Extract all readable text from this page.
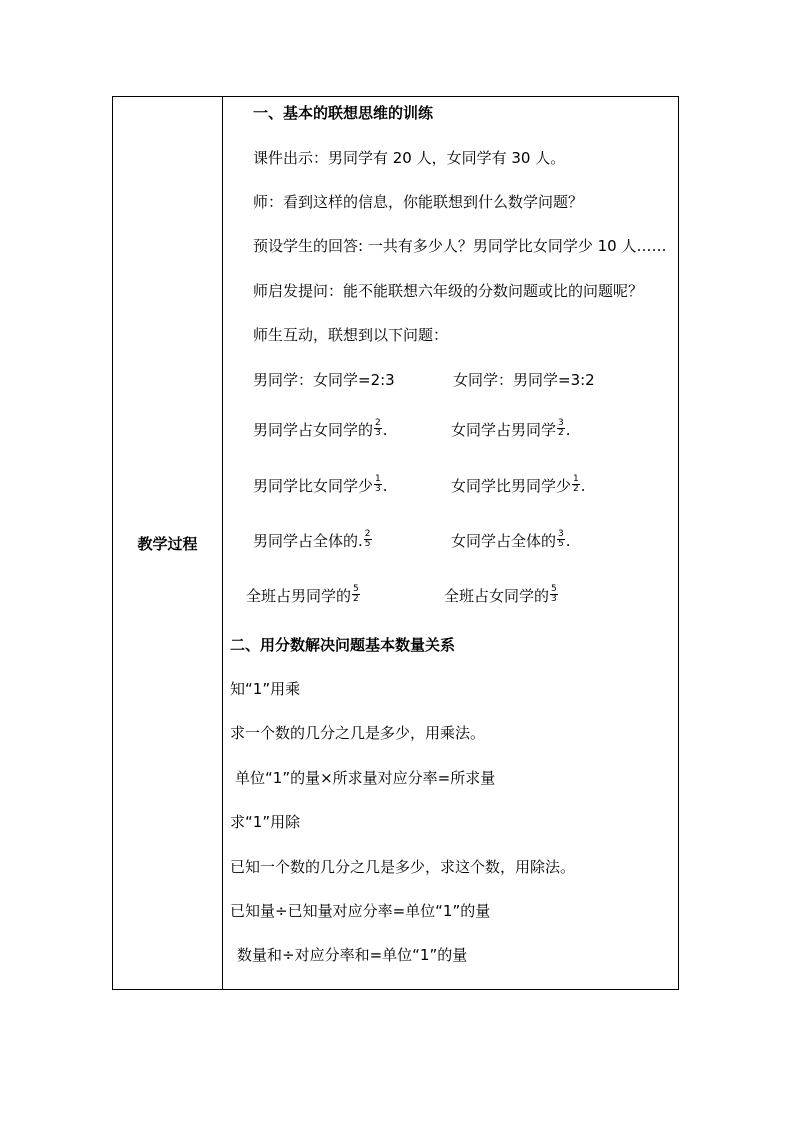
教学过程
一、基本的联想思维的训练
课件出示：男同学有 20 人，女同学有 30 人。
师：看到这样的信息，你能联想到什么数学问题？
预设学生的回答: 一共有多少人？男同学比女同学少 10 人……
师启发提问：能不能联想六年级的分数问题或比的问题呢？
师生互动，联想到以下问题：
男同学：女同学=2:3	女同学：男同学=3:2
男同学占女同学的 $\frac{2}{3}$ .	女同学占男同学 $\frac{3}{2}$ .
男同学比女同学少 $\frac{1}{3}$ .	女同学比男同学少 $\frac{1}{2}$ .
男同学占全体的. $\frac{2}{5}$	女同学占全体的 $\frac{3}{5}$ .
全班占男同学的 $\frac{5}{2}$	全班占女同学的 $\frac{5}{3}$
二、用分数解决问题基本数量关系
知“1”用乘
求一个数的几分之几是多少，用乘法。
单位“1”的量×所求量对应分率=所求量
求“1”用除
已知一个数的几分之几是多少，求这个数，用除法。
已知量÷已知量对应分率=单位“1”的量
数量和÷对应分率和=单位“1”的量
